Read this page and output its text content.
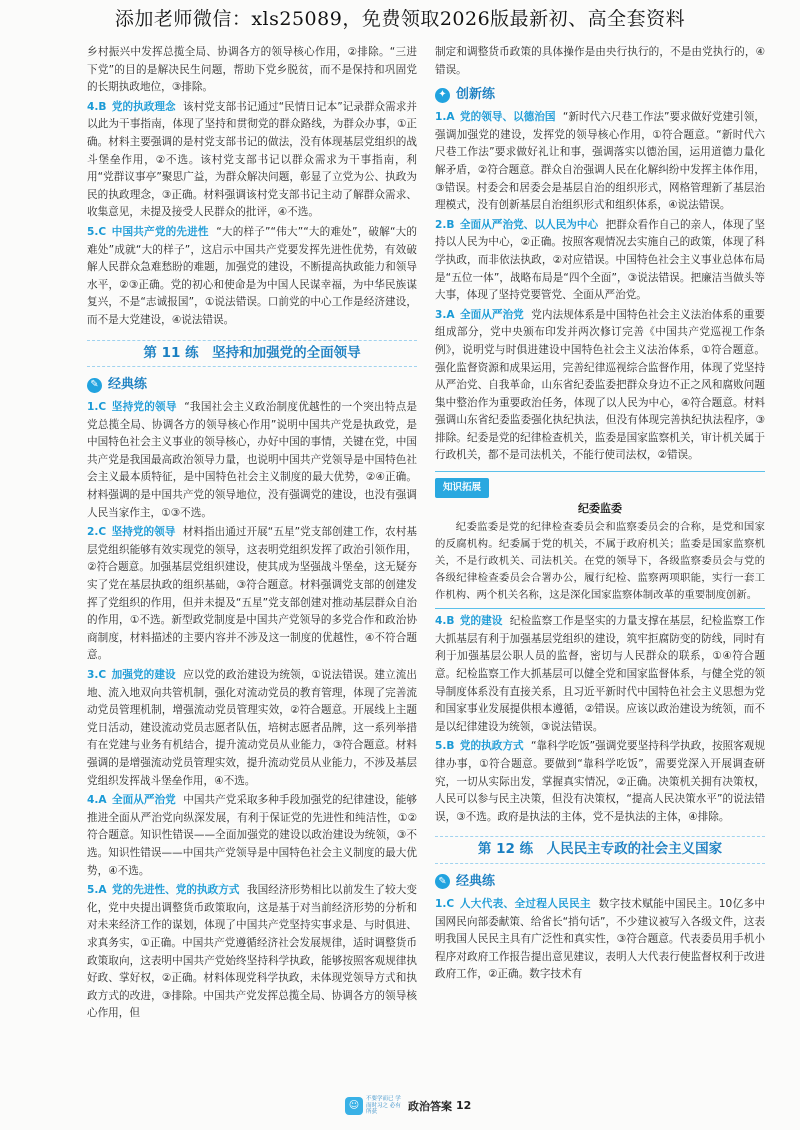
添加老师微信：xls25089，免费领取2026版最新初、高全套资料

乡村振兴中发挥总揽全局、协调各方的领导核心作用，②排除。“三进下党”的目的是解决民生问题，帮助下党乡脱贫，而不是保持和巩固党的长期执政地位，③排除。

4.B 党的执政理念 该村党支部书记通过“民情日记本”记录群众需求并以此为干事指南，体现了坚持和贯彻党的群众路线，为群众办事，①正确。材料主要强调的是村党支部书记的做法，没有体现基层党组织的战斗堡垒作用，②不选。该村党支部书记以群众需求为干事指南，利用“党群议事亭”聚思广益，为群众解决问题，彰显了立党为公、执政为民的执政理念，③正确。材料强调该村党支部书记主动了解群众需求、收集意见，未提及接受人民群众的批评，④不选。

5.C 中国共产党的先进性 “大的样子”“伟大”“大的难处”，破解“大的难处”成就“大的样子”，这启示中国共产党要发挥先进性优势，有效破解人民群众急难愁盼的难题，加强党的建设，不断提高执政能力和领导水平，②③正确。党的初心和使命是为中国人民谋幸福，为中华民族谋复兴，不是“志诚报国”，①说法错误。口前党的中心工作是经济建设，而不是大党建设，④说法错误。

第 11 练　坚持和加强党的全面领导
✎ 经典练

1.C 坚持党的领导 “我国社会主义政治制度优越性的一个突出特点是党总揽全局、协调各方的领导核心作用”说明中国共产党是执政党，是中国特色社会主义事业的领导核心，办好中国的事情，关键在党，中国共产党是我国最高政治领导力量，也说明中国共产党领导是中国特色社会主义最本质特征，是中国特色社会主义制度的最大优势，②④正确。材料强调的是中国共产党的领导地位，没有强调党的建设，也没有强调人民当家作主，①③不选。

2.C 坚持党的领导 材料指出通过开展“五星”党支部创建工作，农村基层党组织能够有效实现党的领导，这表明党组织发挥了政治引领作用，②符合题意。加强基层党组织建设，使其成为坚强战斗堡垒，这无疑夯实了党在基层执政的组织基础，③符合题意。材料强调党支部的创建发挥了党组织的作用，但并未提及“五星”党支部创建对推动基层群众自治的作用，①不选。新型政党制度是中国共产党领导的多党合作和政治协商制度，材料描述的主要内容并不涉及这一制度的优越性，④不符合题意。

3.C 加强党的建设 应以党的政治建设为统领，①说法错误。建立流出地、流入地双向共管机制，强化对流动党员的教育管理，体现了完善流动党员管理机制，增强流动党员管理实效，②符合题意。开展线上主题党日活动，建设流动党员志愿者队伍，培树志愿者品牌，这一系列举措有在党建与业务有机结合，提升流动党员从业能力，③符合题意。材料强调的是增强流动党员管理实效，提升流动党员从业能力，不涉及基层党组织发挥战斗堡垒作用，④不选。

4.A 全面从严治党 中国共产党采取多种手段加强党的纪律建设，能够推进全面从严治党向纵深发展，有利于保证党的先进性和纯洁性，①②符合题意。知识性错误——全面加强党的建设以政治建设为统领，③不选。知识性错误——中国共产党领导是中国特色社会主义制度的最大优势，④不选。

5.A 党的先进性、党的执政方式 我国经济形势相比以前发生了较大变化，党中央提出调整货币政策取向，这是基于对当前经济形势的分析和对未来经济工作的谋划，体现了中国共产党坚持实事求是、与时俱进、求真务实，①正确。中国共产党遵循经济社会发展规律，适时调整货币政策取向，这表明中国共产党始终坚持科学执政，能够按照客观规律执好政、掌好权，②正确。材料体现党科学执政，未体现党领导方式和执政方式的改进，③排除。中国共产党发挥总揽全局、协调各方的领导核心作用，但

制定和调整货币政策的具体操作是由央行执行的，不是由党执行的，④错误。

✦ 创新练

1.A 党的领导、以德治国 “新时代六尺巷工作法”要求做好党建引领，强调加强党的建设，发挥党的领导核心作用，①符合题意。“新时代六尺巷工作法”要求做好礼让和事，强调落实以德治国，运用道德力量化解矛盾，②符合题意。群众自治强调人民在化解纠纷中发挥主体作用，③错误。村委会和居委会是基层自治的组织形式，网格管理新了基层治理模式，没有创新基层自治组织形式和组织体系，④说法错误。

2.B 全面从严治党、以人民为中心 把群众看作自己的亲人，体现了坚持以人民为中心，②正确。按照客观情况去实施自己的政策，体现了科学执政，而非依法执政，②对应错误。中国特色社会主义事业总体布局是“五位一体”，战略布局是“四个全面”，③说法错误。把廉洁当做头等大事，体现了坚持党要管党、全面从严治党。

3.A 全面从严治党 党内法规体系是中国特色社会主义法治体系的重要组成部分，党中央颁布印发并两次修订完善《中国共产党巡视工作条例》，说明党与时俱进建设中国特色社会主义法治体系，①符合题意。强化监督资源和成果运用，完善纪律巡视综合监督作用，体现了党坚持从严治党、自我革命，山东省纪委监委把群众身边不正之风和腐败问题集中整治作为重要政治任务，体现了以人民为中心，④符合题意。材料强调山东省纪委监委强化执纪执法，但没有体现完善执纪执法程序，③排除。纪委是党的纪律检查机关，监委是国家监察机关，审计机关属于行政机关，都不是司法机关，不能行使司法权，②错误。

知识拓展
纪委监委
纪委监委是党的纪律检查委员会和监察委员会的合称，是党和国家的反腐机构。纪委属于党的机关，不属于政府机关；监委是国家监察机关，不是行政机关、司法机关。在党的领导下，各级监察委员会与党的各级纪律检查委员会合署办公，履行纪检、监察两项职能，实行一套工作机构、两个机关名称，这是深化国家监察体制改革的重要制度创新。

4.B 党的建设 纪检监察工作是坚实的力量支撑在基层，纪检监察工作大抓基层有利于加强基层党组织的建设，筑牢拒腐防变的防线，同时有利于加强基层公职人员的监督，密切与人民群众的联系，①④符合题意。纪检监察工作大抓基层可以健全党和国家监督体系，与健全党的领导制度体系没有直接关系，且习近平新时代中国特色社会主义思想为党和国家事业发展提供根本遵循，②错误。应该以政治建设为统领，而不是以纪律建设为统领，③说法错误。

5.B 党的执政方式 “靠科学吃饭”强调党要坚持科学执政，按照客观规律办事，①符合题意。要做到“靠科学吃饭”，需要党深入开展调查研究，一切从实际出发，掌握真实情况，②正确。决策机关拥有决策权，人民可以参与民主决策，但没有决策权，“提高人民决策水平”的说法错误，③不选。政府是执法的主体，党不是执法的主体，④排除。

第 12 练　人民民主专政的社会主义国家
✎ 经典练

1.C 人大代表、全过程人民民主 数字技术赋能中国民主。10亿多中国网民向部委献策、给省长“捎句话”，不少建议被写入各级文件，这表明我国人民民主具有广泛性和真实性，③符合题意。代表委员用手机小程序对政府工作报告提出意见建议，表明人大代表行使监督权利于改进政府工作，②正确。数字技术有

☺
不要学而已 学而时习之 必有所获	政治答案 12
